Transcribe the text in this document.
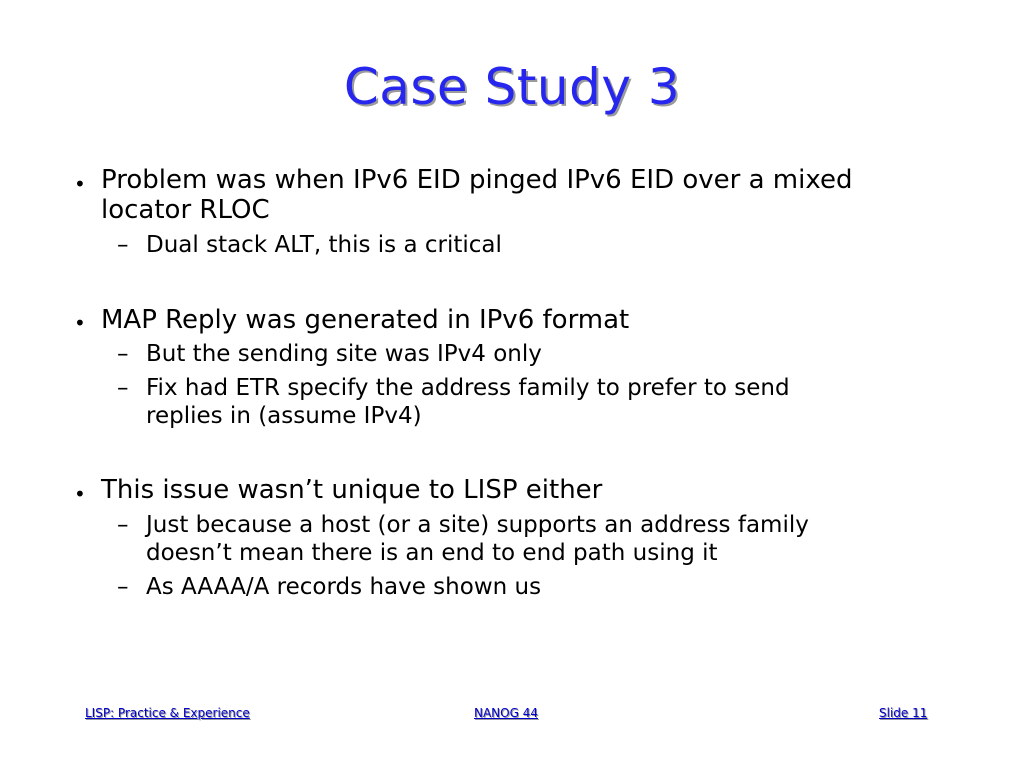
Case Study 3
• Problem was when IPv6 EID pinged IPv6 EID over a mixed

locator RLOC

– Dual stack ALT, this is a critical

• MAP Reply was generated in IPv6 format

– But the sending site was IPv4 only

– Fix had ETR specify the address family to prefer to send

replies in (assume IPv4)

• This issue wasn’t unique to LISP either

– Just because a host (or a site) supports an address family

doesn’t mean there is an end to end path using it

– As AAAA/A records have shown us

LISP: Practice & Experience	NANOG 44	Slide 11
